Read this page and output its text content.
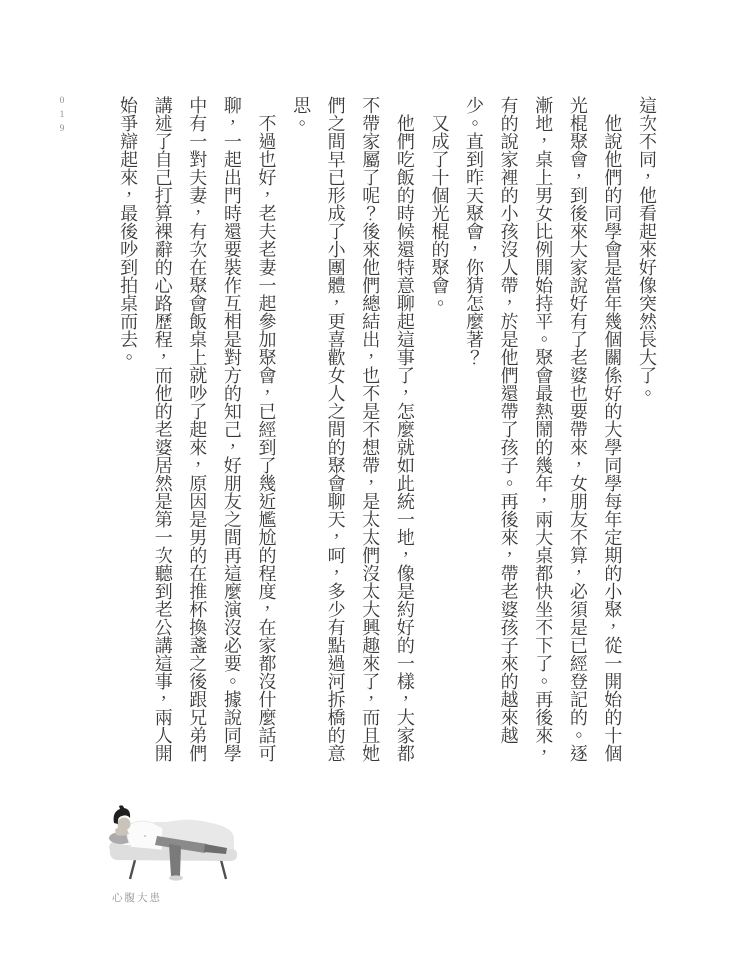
019	這次不同，他看起來好像突然長大了。

他說他們的同學會是當年幾個關係好的大學同學每年定期的小聚，從一開始的十個光棍聚會，到後來大家說好有了老婆也要帶來，女朋友不算，必須是已經登記的。逐漸地，桌上男女比例開始持平。聚會最熱鬧的幾年，兩大桌都快坐不下了。再後來，有的說家裡的小孩沒人帶，於是他們還帶了孩子。再後來，帶老婆孩子來的越來越少。直到昨天聚會，你猜怎麼著？

又成了十個光棍的聚會。

他們吃飯的時候還特意聊起這事了，怎麼就如此統一地，像是約好的一樣，大家都不帶家屬了呢？後來他們總結出，也不是不想帶，是太太們沒太大興趣來了，而且她們之間早已形成了小團體，更喜歡女人之間的聚會聊天，呵，多少有點過河拆橋的意思。

不過也好，老夫老妻一起參加聚會，已經到了幾近尷尬的程度，在家都沒什麼話可聊，一起出門時還要裝作互相是對方的知己，好朋友之間再這麼演沒必要。據說同學中有一對夫妻，有次在聚會飯桌上就吵了起來，原因是男的在推杯換盞之後跟兄弟們講述了自己打算裸辭的心路歷程，而他的老婆居然是第一次聽到老公講這事，兩人開始爭辯起來，最後吵到拍桌而去。

心腹大患
